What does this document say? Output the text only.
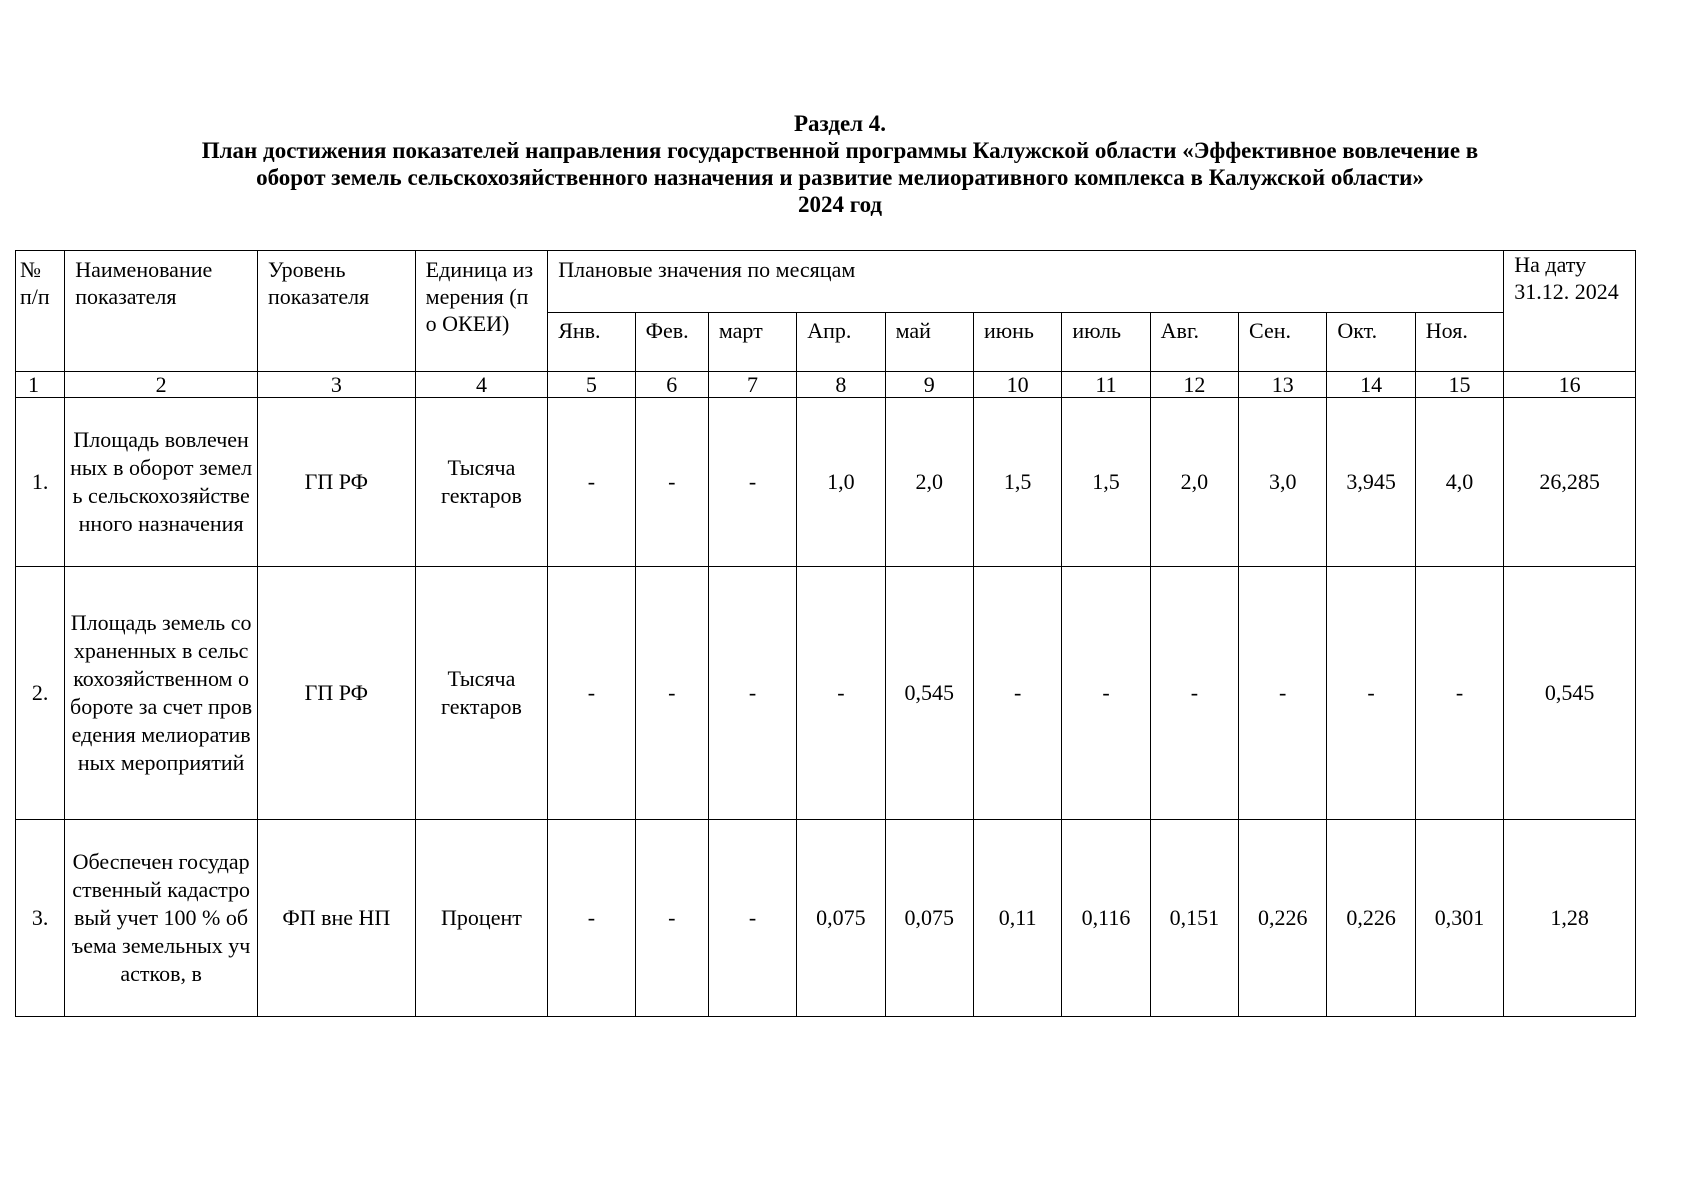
Раздел 4.
План достижения показателей направления государственной программы Калужской области «Эффективное вовлечение в
оборот земель сельскохозяйственного назначения и развитие мелиоративного комплекса в Калужской области»
2024 год
№ п/п	Наименование показателя	Уровень показателя	Единица измерения (по ОКЕИ)	Плановые значения по месяцам											На дату 31.12. 2024
				Янв.	Фев.	март	Апр.	май	июнь	июль	Авг.	Сен.	Окт.	Ноя.	
1	2	3	4	5	6	7	8	9	10	11	12	13	14	15	16
1.	Площадь вовлеченных в оборот земель сельскохозяйственного назначения	ГП РФ	Тысяча гектаров	-	-	-	1,0	2,0	1,5	1,5	2,0	3,0	3,945	4,0	26,285
2.	Площадь земель сохраненных в сельскохозяйственном обороте за счет проведения мелиоративных мероприятий	ГП РФ	Тысяча гектаров	-	-	-	-	0,545	-	-	-	-	-	-	0,545
3.	Обеспечен государственный кадастровый учет 100 % объема земельных участков, в	ФП вне НП	Процент	-	-	-	0,075	0,075	0,11	0,116	0,151	0,226	0,226	0,301	1,28
